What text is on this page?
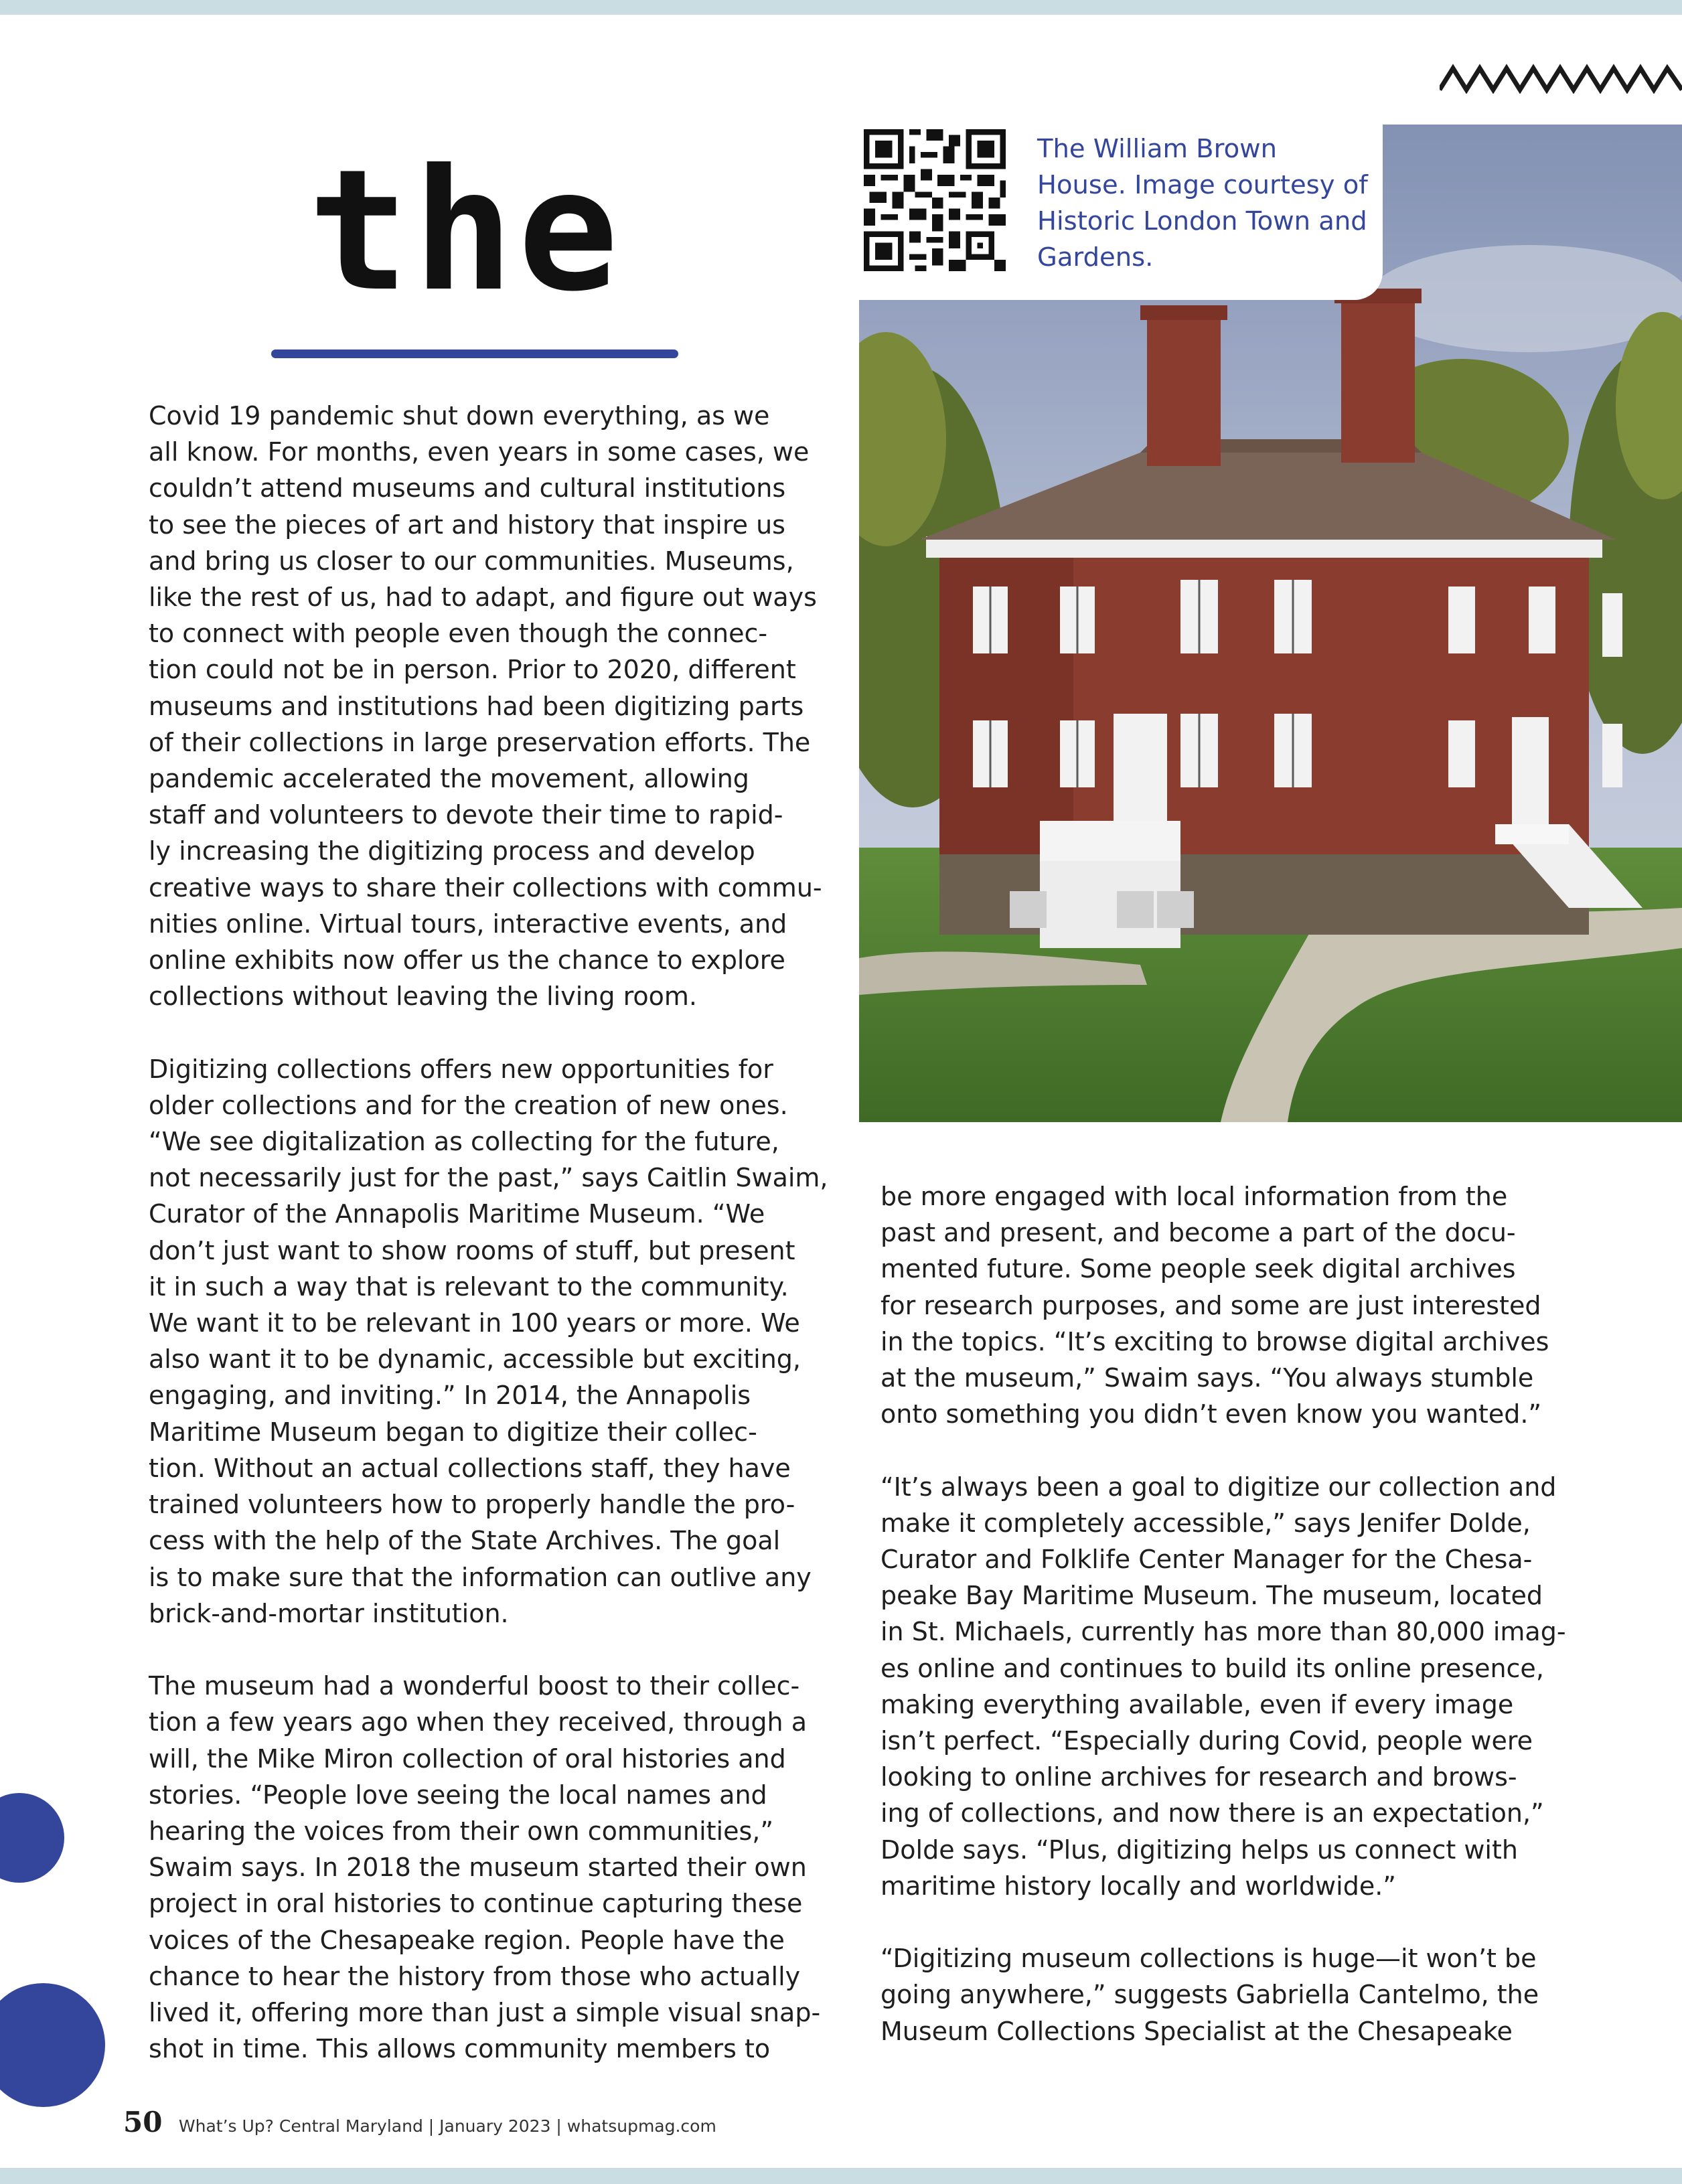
the	The William Brown House. Image courtesy of Historic London Town and Gardens.

Covid 19 pandemic shut down everything, as we
all know. For months, even years in some cases, we
couldn’t attend museums and cultural institutions
to see the pieces of art and history that inspire us
and bring us closer to our communities. Museums,
like the rest of us, had to adapt, and figure out ways
to connect with people even though the connec-
tion could not be in person. Prior to 2020, different
museums and institutions had been digitizing parts
of their collections in large preservation efforts. The
pandemic accelerated the movement, allowing
staff and volunteers to devote their time to rapid-
ly increasing the digitizing process and develop
creative ways to share their collections with commu-
nities online. Virtual tours, interactive events, and
online exhibits now offer us the chance to explore
collections without leaving the living room.

Digitizing collections offers new opportunities for
older collections and for the creation of new ones.
“We see digitalization as collecting for the future,
not necessarily just for the past,” says Caitlin Swaim,
Curator of the Annapolis Maritime Museum. “We
don’t just want to show rooms of stuff, but present
it in such a way that is relevant to the community.
We want it to be relevant in 100 years or more. We
also want it to be dynamic, accessible but exciting,
engaging, and inviting.” In 2014, the Annapolis
Maritime Museum began to digitize their collec-
tion. Without an actual collections staff, they have
trained volunteers how to properly handle the pro-
cess with the help of the State Archives. The goal
is to make sure that the information can outlive any
brick-and-mortar institution.

The museum had a wonderful boost to their collec-
tion a few years ago when they received, through a
will, the Mike Miron collection of oral histories and
stories. “People love seeing the local names and
hearing the voices from their own communities,”
Swaim says. In 2018 the museum started their own
project in oral histories to continue capturing these
voices of the Chesapeake region. People have the
chance to hear the history from those who actually
lived it, offering more than just a simple visual snap-
shot in time. This allows community members to

be more engaged with local information from the
past and present, and become a part of the docu-
mented future. Some people seek digital archives
for research purposes, and some are just interested
in the topics. “It’s exciting to browse digital archives
at the museum,” Swaim says. “You always stumble
onto something you didn’t even know you wanted.”

“It’s always been a goal to digitize our collection and
make it completely accessible,” says Jenifer Dolde,
Curator and Folklife Center Manager for the Chesa-
peake Bay Maritime Museum. The museum, located
in St. Michaels, currently has more than 80,000 imag-
es online and continues to build its online presence,
making everything available, even if every image
isn’t perfect. “Especially during Covid, people were
looking to online archives for research and brows-
ing of collections, and now there is an expectation,”
Dolde says. “Plus, digitizing helps us connect with
maritime history locally and worldwide.”

“Digitizing museum collections is huge—it won’t be
going anywhere,” suggests Gabriella Cantelmo, the
Museum Collections Specialist at the Chesapeake

50 What’s Up? Central Maryland | January 2023 | whatsupmag.com
